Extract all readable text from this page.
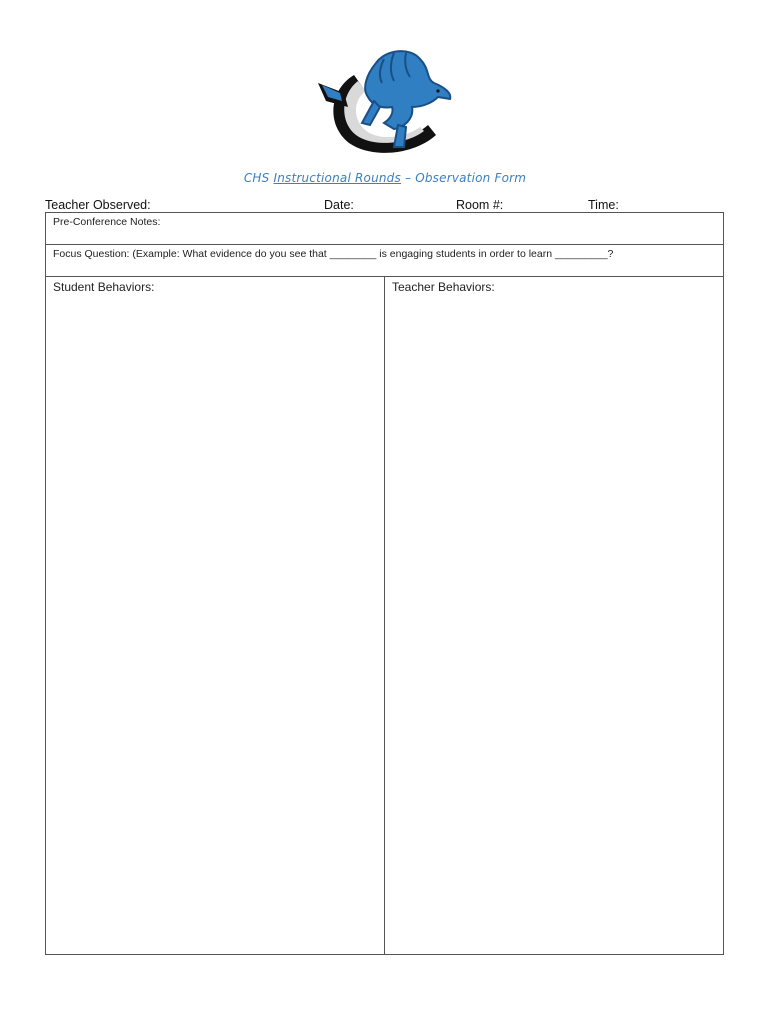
CHS Instructional Rounds – Observation Form
Teacher Observed:	Date:	Room #:	Time:
Pre-Conference Notes:
Focus Question: (Example: What evidence do you see that ________ is engaging students in order to learn _________?
Student Behaviors:	Teacher Behaviors:
